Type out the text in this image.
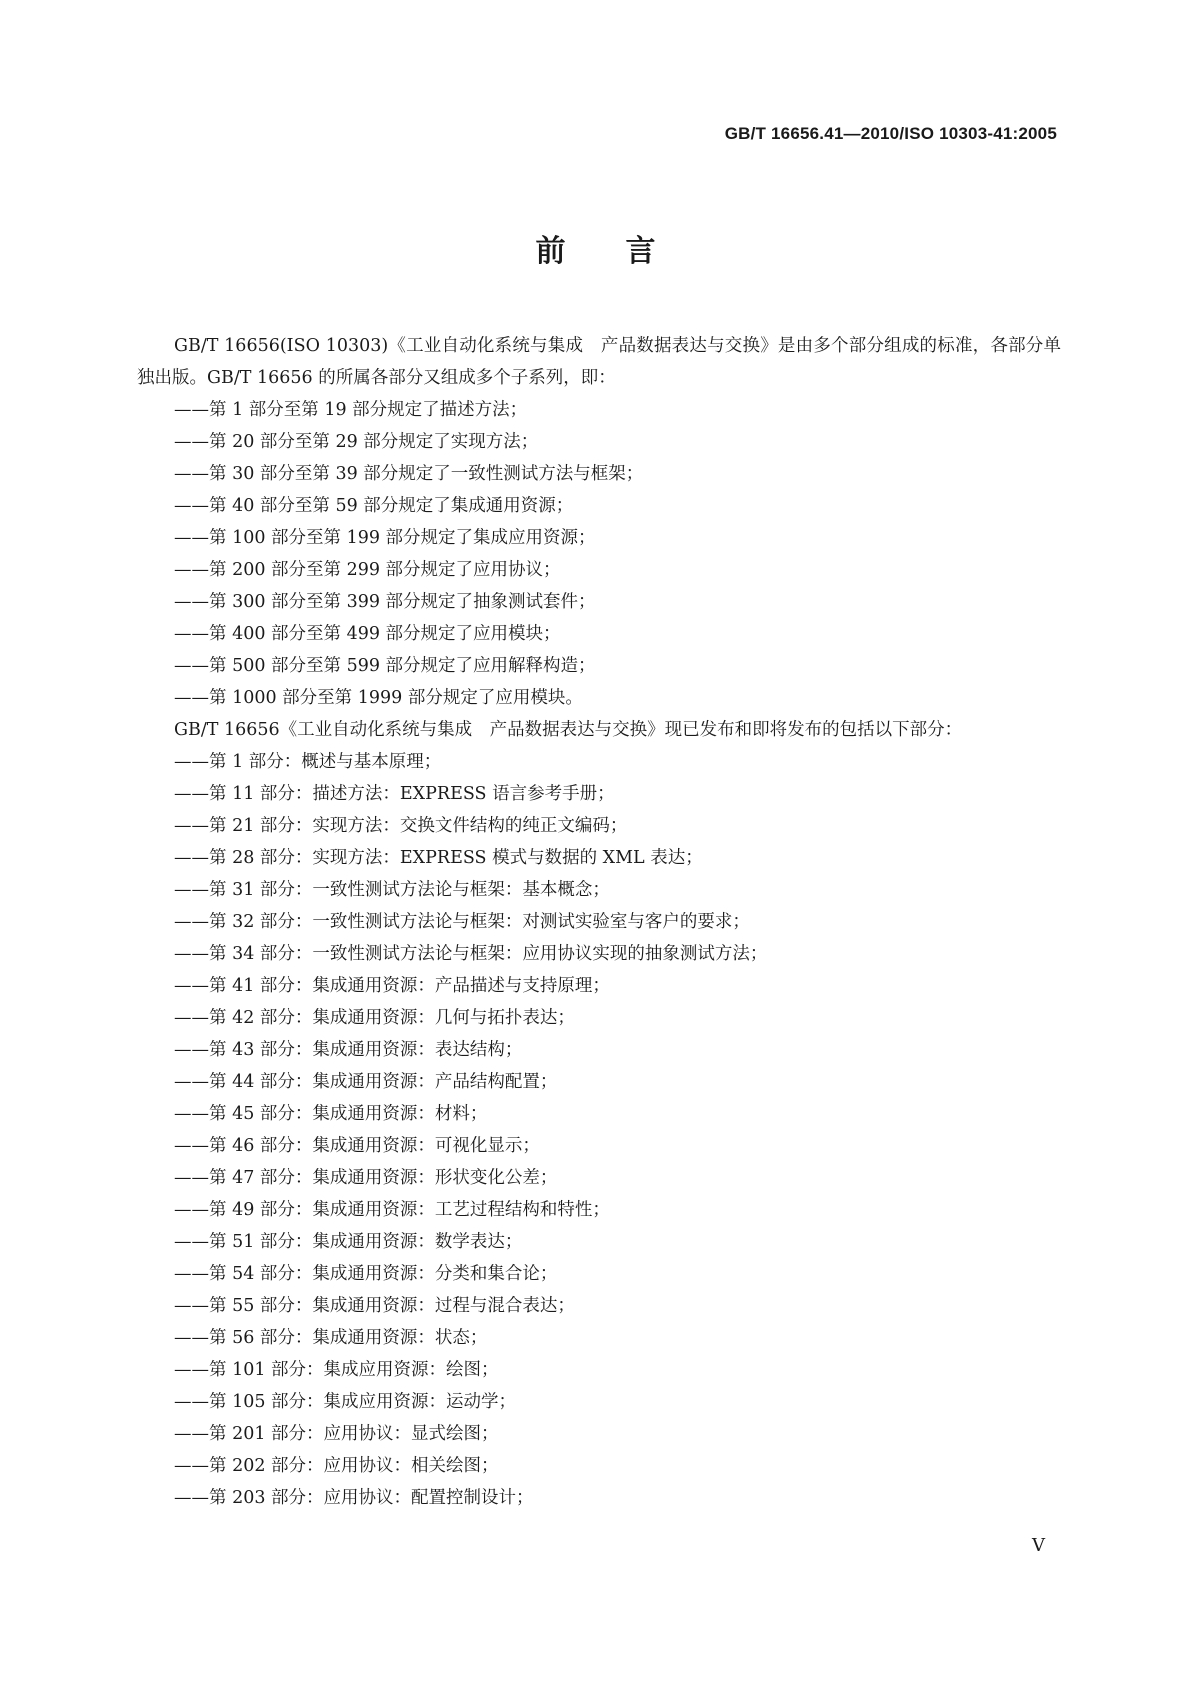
GB/T 16656.41—2010/ISO 10303-41:2005
前言

GB/T 16656(ISO 10303)《工业自动化系统与集成　产品数据表达与交换》是由多个部分组成的标准，各部分单独出版。GB/T 16656 的所属各部分又组成多个子系列，即：

——第 1 部分至第 19 部分规定了描述方法；
——第 20 部分至第 29 部分规定了实现方法；
——第 30 部分至第 39 部分规定了一致性测试方法与框架；
——第 40 部分至第 59 部分规定了集成通用资源；
——第 100 部分至第 199 部分规定了集成应用资源；
——第 200 部分至第 299 部分规定了应用协议；
——第 300 部分至第 399 部分规定了抽象测试套件；
——第 400 部分至第 499 部分规定了应用模块；
——第 500 部分至第 599 部分规定了应用解释构造；
——第 1000 部分至第 1999 部分规定了应用模块。

GB/T 16656《工业自动化系统与集成　产品数据表达与交换》现已发布和即将发布的包括以下部分：

——第 1 部分：概述与基本原理；
——第 11 部分：描述方法：EXPRESS 语言参考手册；
——第 21 部分：实现方法：交换文件结构的纯正文编码；
——第 28 部分：实现方法：EXPRESS 模式与数据的 XML 表达；
——第 31 部分：一致性测试方法论与框架：基本概念；
——第 32 部分：一致性测试方法论与框架：对测试实验室与客户的要求；
——第 34 部分：一致性测试方法论与框架：应用协议实现的抽象测试方法；
——第 41 部分：集成通用资源：产品描述与支持原理；
——第 42 部分：集成通用资源：几何与拓扑表达；
——第 43 部分：集成通用资源：表达结构；
——第 44 部分：集成通用资源：产品结构配置；
——第 45 部分：集成通用资源：材料；
——第 46 部分：集成通用资源：可视化显示；
——第 47 部分：集成通用资源：形状变化公差；
——第 49 部分：集成通用资源：工艺过程结构和特性；
——第 51 部分：集成通用资源：数学表达；
——第 54 部分：集成通用资源：分类和集合论；
——第 55 部分：集成通用资源：过程与混合表达；
——第 56 部分：集成通用资源：状态；
——第 101 部分：集成应用资源：绘图；
——第 105 部分：集成应用资源：运动学；
——第 201 部分：应用协议：显式绘图；
——第 202 部分：应用协议：相关绘图；
——第 203 部分：应用协议：配置控制设计；
V
